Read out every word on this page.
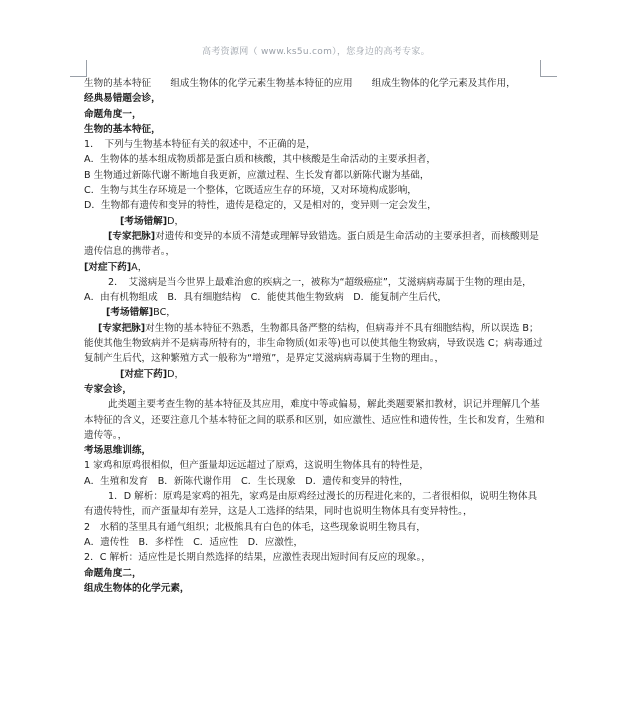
高考资源网（ www.ks5u.com），您身边的高考专家。

生物的基本特征　　组成生物体的化学元素生物基本特征的应用　　组成生物体的化学元素及其作用，

经典易错题会诊，

命题角度一，

生物的基本特征，

1．　下列与生物基本特征有关的叙述中，不正确的是，

A．生物体的基本组成物质都是蛋白质和核酸，其中核酸是生命活动的主要承担者，

B 生物通过新陈代谢不断地自我更新，应激过程、生长发育都以新陈代谢为基础，

C．生物与其生存环境是一个整体，它既适应生存的环境，又对环境构成影响，

D．生物都有遗传和变异的特性，遗传是稳定的，又是相对的，变异则一定会发生，

[考场错解]D，

[专家把脉]对遗传和变异的本质不清楚或理解导致错选。蛋白质是生命活动的主要承担者，而核酸则是遗传信息的携带者。，

[对症下药]A，

2．　艾滋病是当今世界上最难治愈的疾病之一，被称为“超级癌症”，艾滋病病毒属于生物的理由是，

A．由有机物组成　B．具有细胞结构　C．能使其他生物致病　D．能复制产生后代，

[考场错解]BC，

[专家把脉]对生物的基本特征不熟悉，生物都具备严整的结构，但病毒并不具有细胞结构，所以误选 B；能使其他生物致病并不是病毒所特有的，非生命物质(如汞等)也可以使其他生物致病，导致误选 C；病毒通过复制产生后代，这种繁殖方式一般称为“增殖”，是界定艾滋病病毒属于生物的理由。，

[对症下药]D，

专家会诊，

此类题主要考查生物的基本特征及其应用，难度中等或偏易，解此类题要紧扣教材，识记并理解几个基本特征的含义，还要注意几个基本特征之间的联系和区别，如应激性、适应性和遗传性，生长和发育，生殖和遗传等。，

考场思维训练，

1 家鸡和原鸡很相似，但产蛋量却远远超过了原鸡，这说明生物体具有的特性是，

A．生殖和发育　B．新陈代谢作用　C．生长现象　D．遗传和变异的特性，

1．D 解析：原鸡是家鸡的祖先，家鸡是由原鸡经过漫长的历程进化来的，二者很相似，说明生物体具有遗传特性，而产蛋量却有差异，这是人工选择的结果，同时也说明生物体具有变异特性。，

2　水稻的茎里具有通气组织；北极熊具有白色的体毛，这些现象说明生物具有，

A．遗传性　B．多样性　C．适应性　D．应激性，

2．C 解析：适应性是长期自然选择的结果，应激性表现出短时间有反应的现象。，

命题角度二，

组成生物体的化学元素，
